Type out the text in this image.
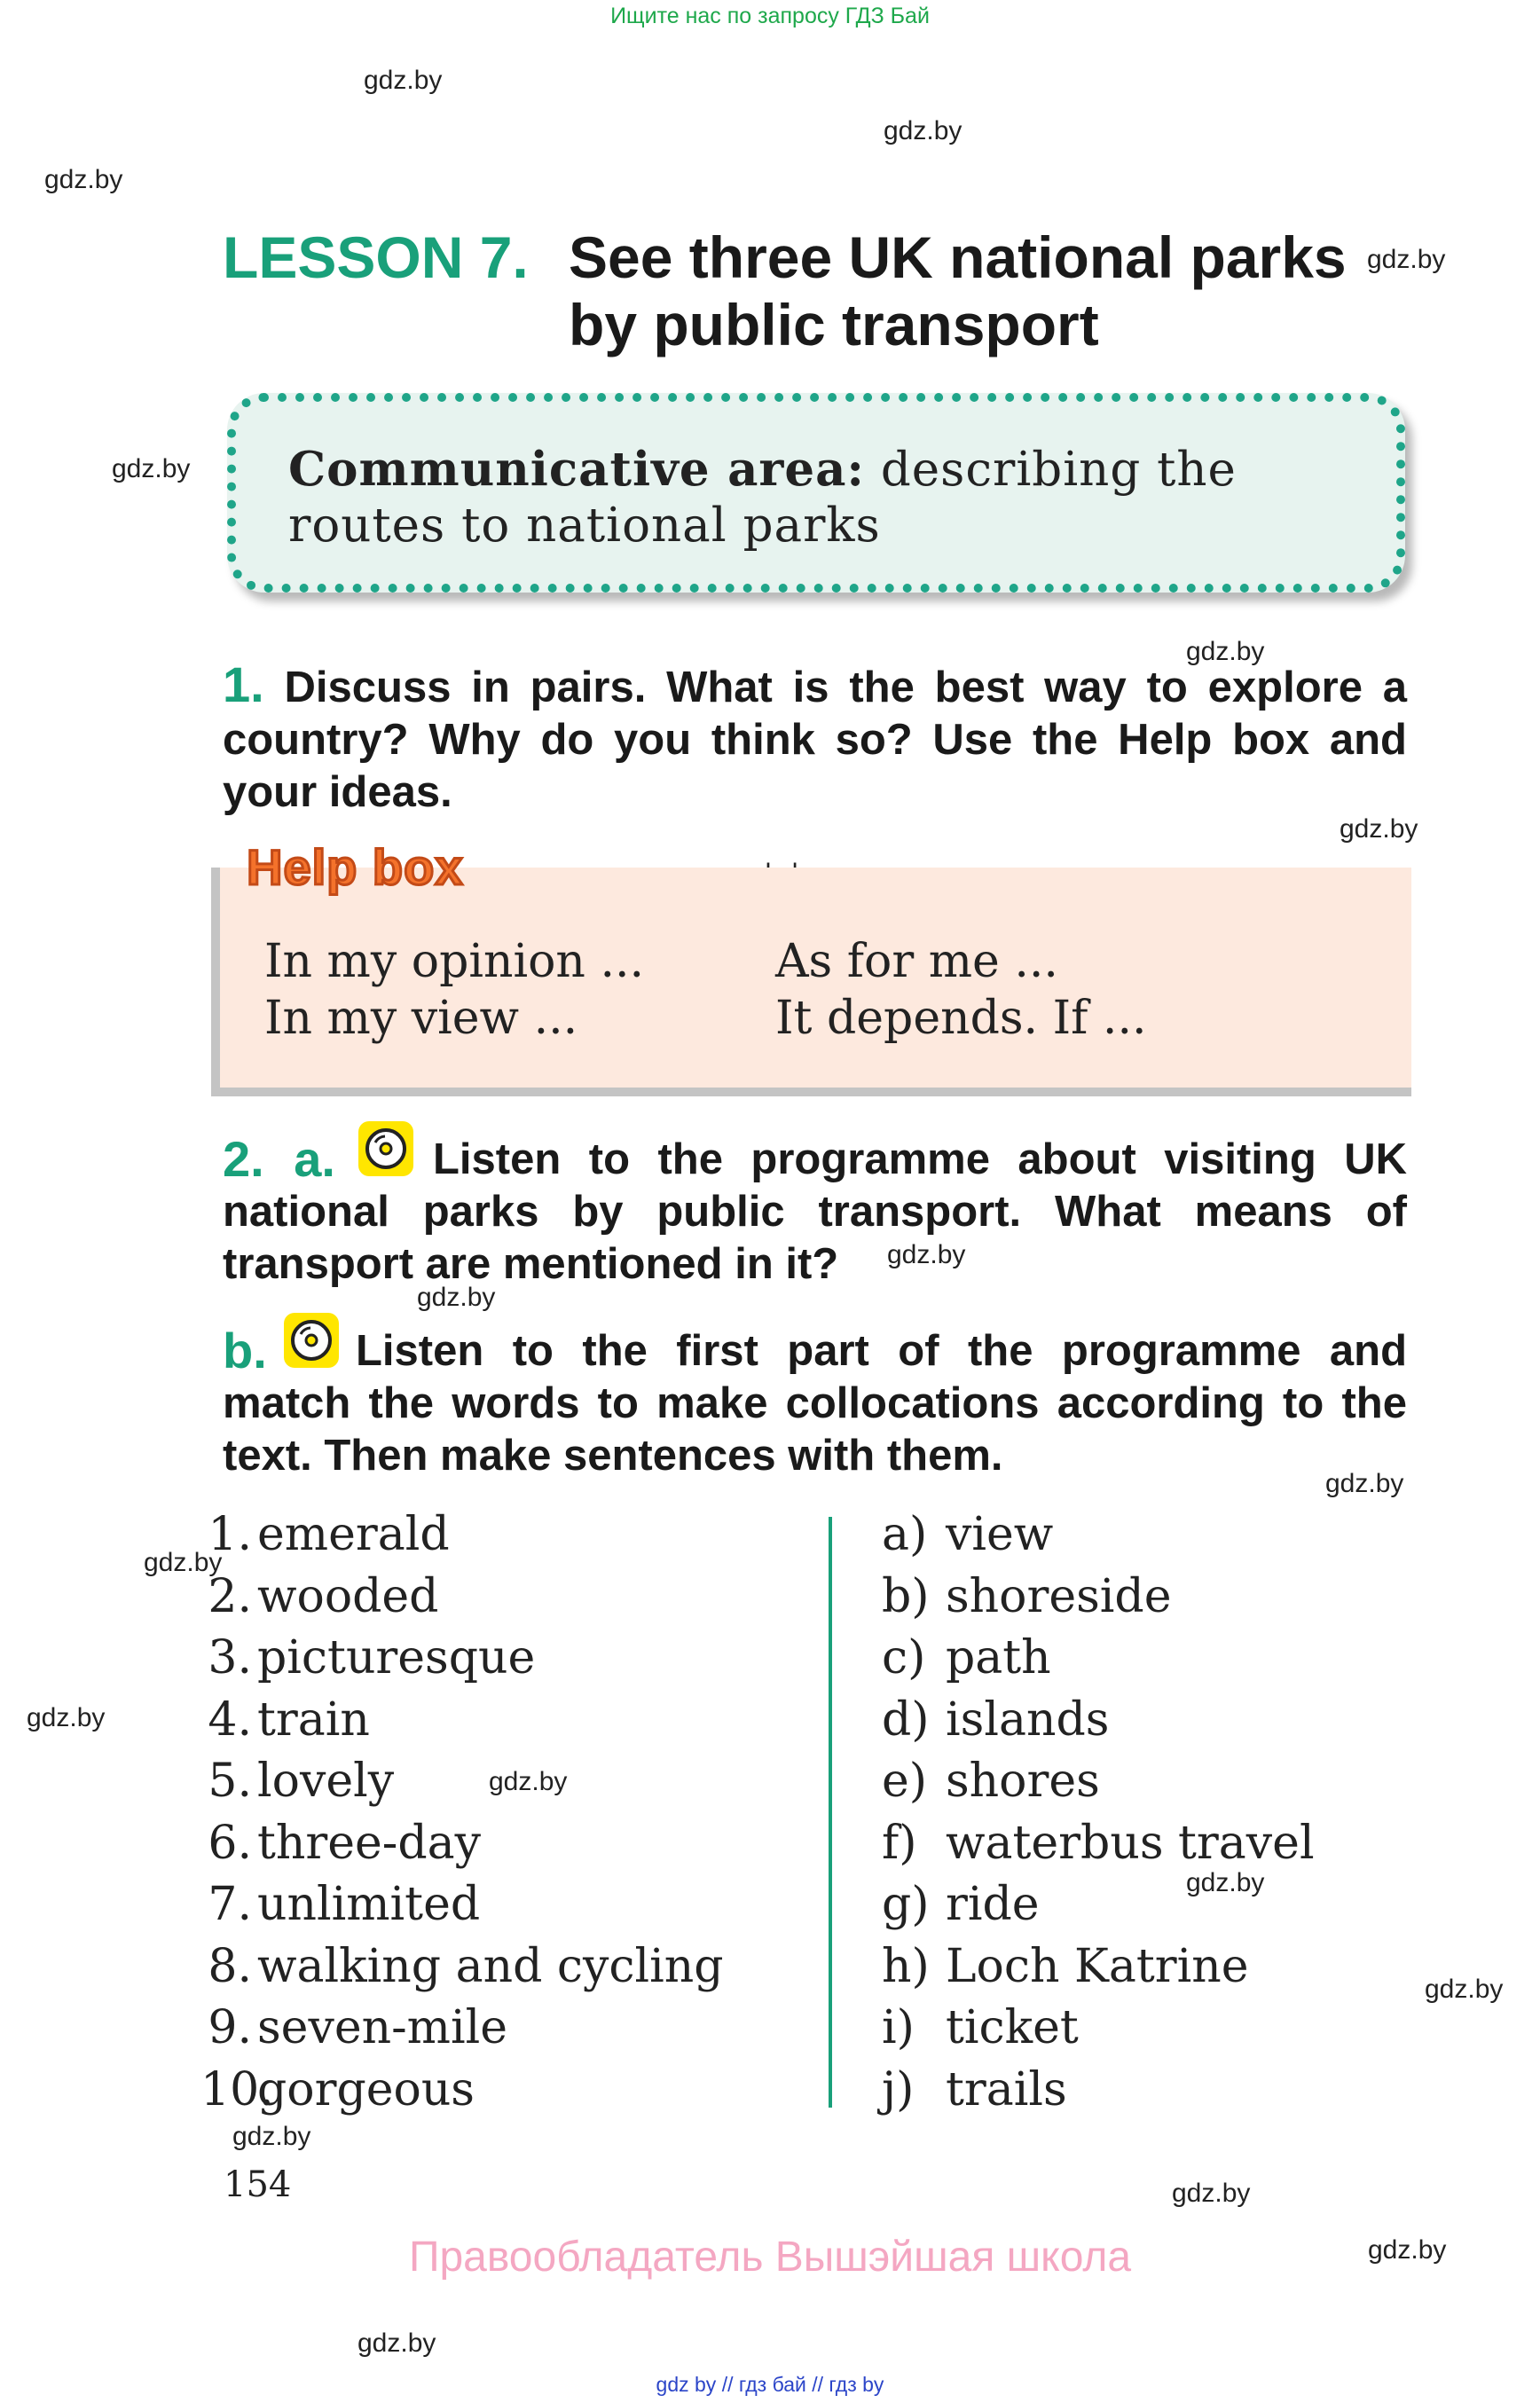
Ищите нас по запросу ГДЗ Бай
gdz.by
gdz.by
gdz.by
gdz.by
gdz.by
gdz.by
gdz.by
gdz.by
gdz.by
gdz.by
gdz.by
gdz.by
gdz.by
gdz.by
gdz.by
gdz.by
gdz.by
gdz.by
gdz.by
LESSON 7. See three UK national parks
by public transport
Communicative area: describing the routes to national parks
1. Discuss in pairs. What is the best way to explore a country? Why do you think so? Use the Help box and your ideas.
Help box
In my opinion ...
In my view ...
As for me ...
It depends. If ...
2. a.	Listen to the programme about visiting UK national parks by public transport. What means of transport are mentioned in it?
b.	Listen to the first part of the programme and match the words to make collocations according to the text. Then make sentences with them.
1. emerald
2. wooded
3. picturesque
4. train
5. lovely
6. three-day
7. unlimited
8. walking and cycling
9. seven-mile
10.gorgeous
a) view
b) shoreside
c) path
d) islands
e) shores
f) waterbus travel
g) ride
h) Loch Katrine
i) ticket
j) trails
154
Правообладатель Вышэйшая школа
gdz by // гдз бай // гдз by
